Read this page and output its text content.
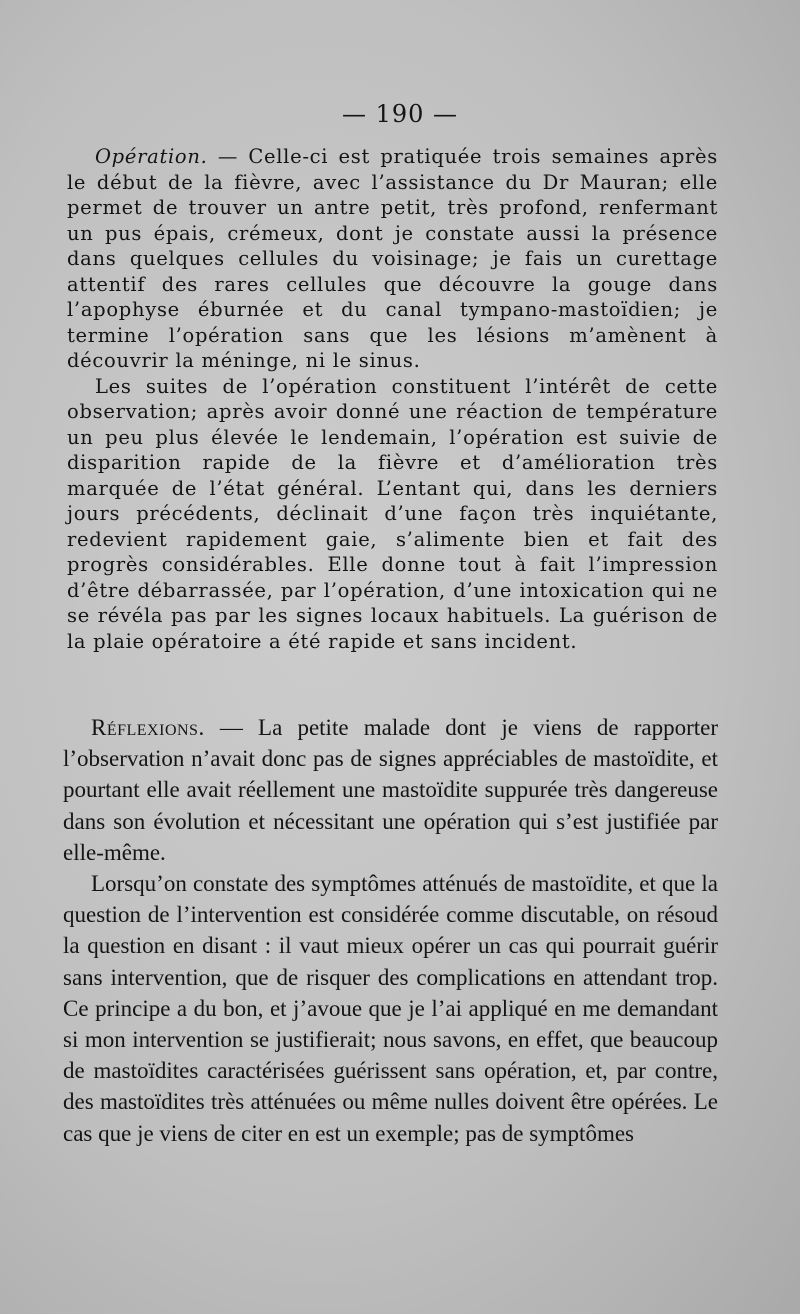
— 190 —

Opération. — Celle-ci est pratiquée trois semaines après le début de la fièvre, avec l’assistance du Dr Mauran; elle permet de trouver un antre petit, très profond, renfermant un pus épais, crémeux, dont je constate aussi la présence dans quelques cellules du voisinage; je fais un curettage attentif des rares cellules que découvre la gouge dans l’apophyse éburnée et du canal tympano-mastoïdien; je termine l’opération sans que les lésions m’amènent à découvrir la méninge, ni le sinus.

Les suites de l’opération constituent l’intérêt de cette observation; après avoir donné une réaction de température un peu plus élevée le lendemain, l’opération est suivie de disparition rapide de la fièvre et d’amélioration très marquée de l’état général. L’entant qui, dans les derniers jours précédents, déclinait d’une façon très inquiétante, redevient rapidement gaie, s’alimente bien et fait des progrès considérables. Elle donne tout à fait l’impression d’être débarrassée, par l’opération, d’une intoxication qui ne se révéla pas par les signes locaux habituels. La guérison de la plaie opératoire a été rapide et sans incident.

Réflexions. — La petite malade dont je viens de rapporter l’observation n’avait donc pas de signes appréciables de mastoïdite, et pourtant elle avait réellement une mastoïdite suppurée très dangereuse dans son évolution et nécessitant une opération qui s’est justifiée par elle-même.

Lorsqu’on constate des symptômes atténués de mastoïdite, et que la question de l’intervention est considérée comme discutable, on résoud la question en disant : il vaut mieux opérer un cas qui pourrait guérir sans intervention, que de risquer des complications en attendant trop. Ce principe a du bon, et j’avoue que je l’ai appliqué en me demandant si mon intervention se justifierait; nous savons, en effet, que beaucoup de mastoïdites caractérisées guérissent sans opération, et, par contre, des mastoïdites très atténuées ou même nulles doivent être opérées. Le cas que je viens de citer en est un exemple; pas de symptômes
